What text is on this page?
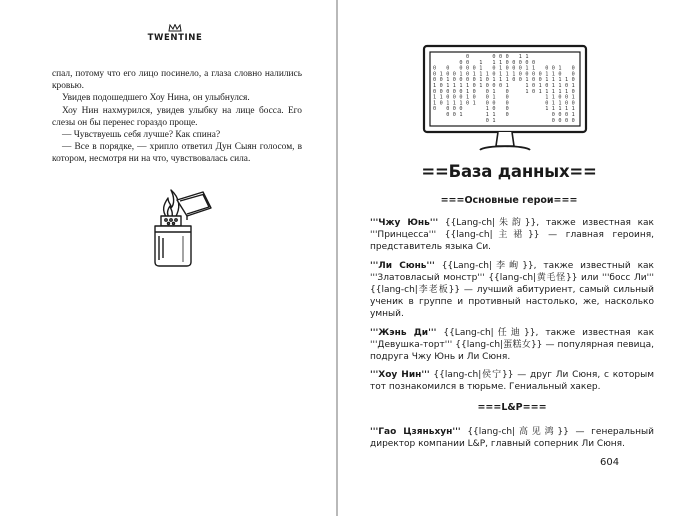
TWENTINE

спал, потому что его лицо посинело, а глаза словно налились кровью.

Увидев подошедшего Хоу Нина, он улыбнулся.

Хоу Нин нахмурился, увидев улыбку на лице босса. Его слезы он бы перенес гораздо проще.

— Чувствуешь себя лучше? Как спина?

— Все в порядке, — хрипло ответил Дун Сыян голосом, в котором, несмотря ни на что, чувствовалась сила.

0
0
0
1
0
1
1
0
1
0
0
0
1
0
0
0
1
1
0
0
1
0
0
0
0
1
0
0
1
0
0
0
0
1
0
1
0
0
1
0
1
0
0
0
0
0
1
1
1
0
0
1
0
0
0
0
1
1
1
1
1
1
1
0
0
0
0
0
1
1
0
0
1
0
0
1
0
1
1
0
0
1
1
0
1
1
1
1
0
0
0
0
1
1
1
0
0
0
0
0
0
0
1
0
1
0
0
0
0
1
0
1
0
1
1
1
0
1
0
0
0
0
0
0
1
1
0
1
1
0
1
1
0
1
0
1
1
1
1
1
1
1
0
0
1
0
1
1
1
0
1
1
0
0
1
0
1
0
0
1
0
0
0
0
0
1
0
1
0
1
1
0
==База данных==
===Основные герои===

'''Чжу Юнь''' {{Lang-ch|朱韵}}, также известная как '''Принцесса''' {{lang-ch|主裙}} — главная героиня, представитель языка Си.

'''Ли Сюнь''' {{Lang-ch|李峋}}, также известный как '''Златовласый монстр''' {{lang-ch|黄毛怪}} или '''босс Ли''' {{lang-ch|李老板}} — лучший абитуриент, самый сильный ученик в группе и противный настолько, же, насколько умный.

'''Жэнь Ди''' {{Lang-ch|任迪}}, также известная как '''Девушка-торт''' {{lang-ch|蛋糕女}} — популярная певица, подруга Чжу Юнь и Ли Сюня.

'''Хоу Нин''' {{lang-ch|侯宁}} — друг Ли Сюня, с которым тот познакомился в тюрьме. Гениальный хакер.

===L&P===

'''Гао Цзяньхун''' {{lang-ch|高见鸿}} — генеральный директор компании L&P, главный соперник Ли Сюня.

604
